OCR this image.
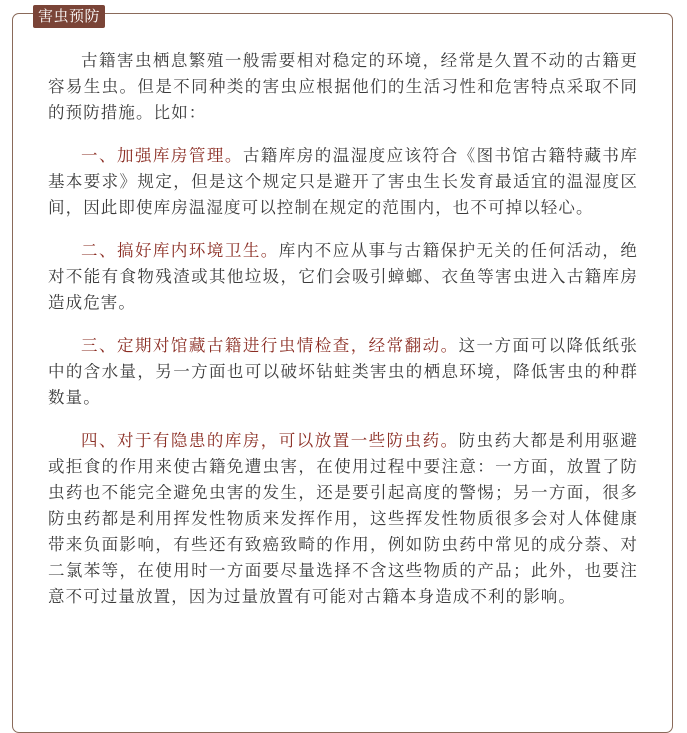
害虫预防

古籍害虫栖息繁殖一般需要相对稳定的环境，经常是久置不动的古籍更容易生虫。但是不同种类的害虫应根据他们的生活习性和危害特点采取不同的预防措施。比如：

一、加强库房管理。古籍库房的温湿度应该符合《图书馆古籍特藏书库基本要求》规定，但是这个规定只是避开了害虫生长发育最适宜的温湿度区间，因此即使库房温湿度可以控制在规定的范围内，也不可掉以轻心。

二、搞好库内环境卫生。库内不应从事与古籍保护无关的任何活动，绝对不能有食物残渣或其他垃圾，它们会吸引蟑螂、衣鱼等害虫进入古籍库房造成危害。

三、定期对馆藏古籍进行虫情检查，经常翻动。这一方面可以降低纸张中的含水量，另一方面也可以破坏钻蛀类害虫的栖息环境，降低害虫的种群数量。

四、对于有隐患的库房，可以放置一些防虫药。防虫药大都是利用驱避或拒食的作用来使古籍免遭虫害，在使用过程中要注意：一方面，放置了防虫药也不能完全避免虫害的发生，还是要引起高度的警惕；另一方面，很多防虫药都是利用挥发性物质来发挥作用，这些挥发性物质很多会对人体健康带来负面影响，有些还有致癌致畸的作用，例如防虫药中常见的成分萘、对二氯苯等，在使用时一方面要尽量选择不含这些物质的产品；此外，也要注意不可过量放置，因为过量放置有可能对古籍本身造成不利的影响。
